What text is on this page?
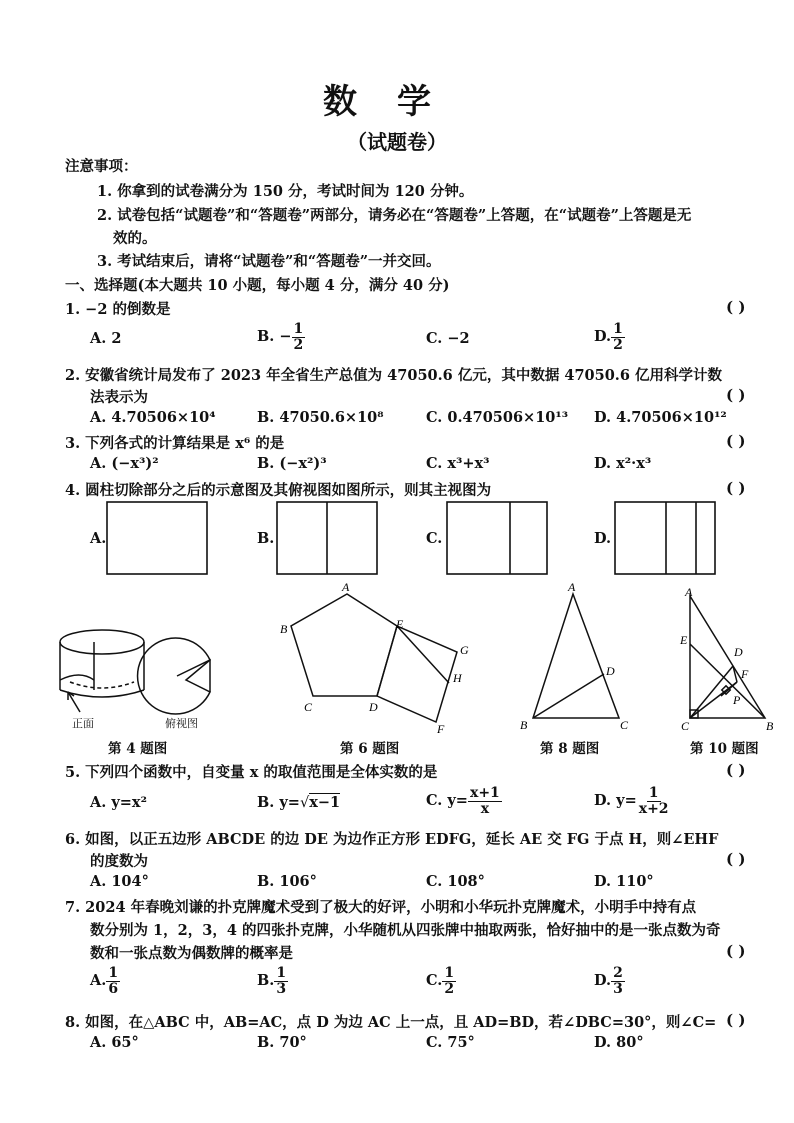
数学
（试题卷）
注意事项：
1. 你拿到的试卷满分为 150 分，考试时间为 120 分钟。
2. 试卷包括“试题卷”和“答题卷”两部分，请务必在“答题卷”上答题，在“试题卷”上答题是无
效的。
3. 考试结束后，请将“试题卷”和“答题卷”一并交回。
一、选择题(本大题共 10 小题，每小题 4 分，满分 40 分)
1. −2 的倒数是	( )
A. 2	B. − $\frac{1}{2}$	C. −2	D. $\frac{1}{2}$
2. 安徽省统计局发布了 2023 年全省生产总值为 47050.6 亿元，其中数据 47050.6 亿用科学计数
法表示为	( )
A. 4.70506×10⁴	B. 47050.6×10⁸	C. 0.470506×10¹³ D. 4.70506×10¹²
3. 下列各式的计算结果是 x⁶ 的是	( )
A. (−x³)²	B. (−x²)³	C. x³+x³	D. x²·x³
4. 圆柱切除部分之后的示意图及其俯视图如图所示，则其主视图为	( )
A.	B.	C.	D.
正面	俯视图
A
B
C	D
E
F
G
H
A
B	C
D
A
E
D
F
P
C	B
第 4 题图	第 6 题图	第 8 题图	第 10 题图
5. 下列四个函数中，自变量 x 的取值范围是全体实数的是	( )
A. y=x²	B. y=√x−1	C. $y= \frac{x+1}{x}$	D. $y= \frac{1}{x+2}$
6. 如图，以正五边形 ABCDE 的边 DE 为边作正方形 EDFG，延长 AE 交 FG 于点 H，则∠EHF
的度数为	( )
A. 104°	B. 106°	C. 108°	D. 110°
7. 2024 年春晚刘谦的扑克牌魔术受到了极大的好评，小明和小华玩扑克牌魔术，小明手中持有点
数分别为 1，2，3，4 的四张扑克牌，小华随机从四张牌中抽取两张，恰好抽中的是一张点数为奇
数和一张点数为偶数牌的概率是	( )
A. $\frac{1}{6}$	B. $\frac{1}{3}$	C. $\frac{1}{2}$	D. $\frac{2}{3}$
8. 如图，在△ABC 中，AB=AC，点 D 为边 AC 上一点，且 AD=BD，若∠DBC=30°，则∠C= ( )
A. 65°	B. 70°	C. 75°	D. 80°
